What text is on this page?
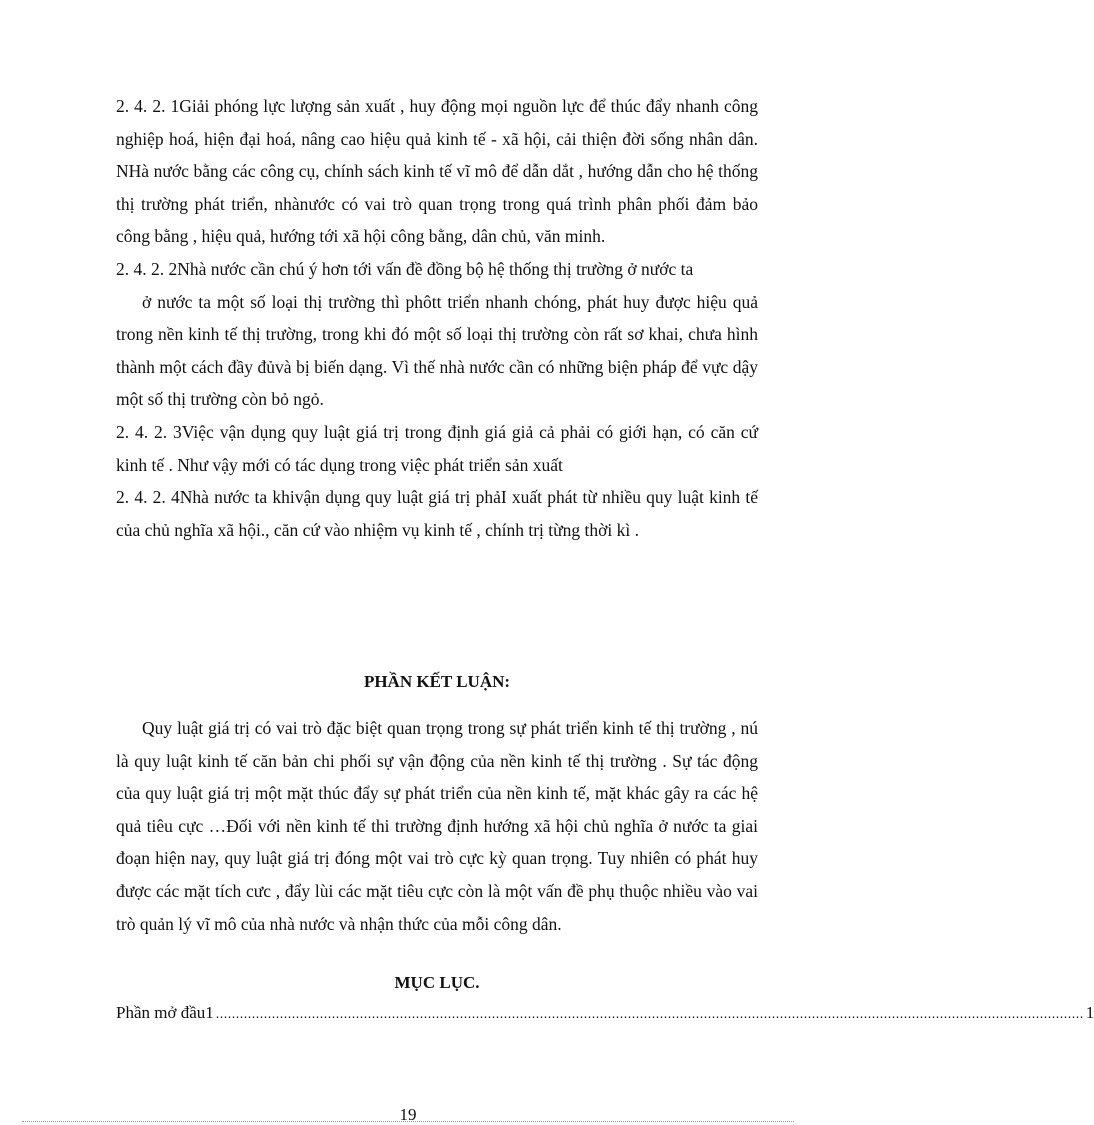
2. 4. 2. 1Giải phóng lực lượng sản xuất , huy động mọi nguồn lực để thúc đẩy nhanh công nghiệp hoá, hiện đại hoá, nâng cao hiệu quả kinh tế - xã hội, cải thiện đời sống nhân dân. NHà nước bằng các công cụ, chính sách kinh tế vĩ mô để dẫn dắt , hướng dẫn cho hệ thống thị trường phát triển, nhànước có vai trò quan trọng trong quá trình phân phối đảm bảo công bằng , hiệu quả, hướng tới xã hội công bằng, dân chủ, văn minh.

2. 4. 2. 2Nhà nước cần chú ý hơn tới vấn đề đồng bộ hệ thống thị trường ở nước ta

ở nước ta một số loại thị trường thì phôtt triển nhanh chóng, phát huy được hiệu quả trong nền kinh tế thị trường, trong khi đó một số loại thị trường còn rất sơ khai, chưa hình thành một cách đầy đủvà bị biến dạng. Vì thế nhà nước cần có những biện pháp để vực dậy một số thị trường còn bỏ ngỏ.

2. 4. 2. 3Việc vận dụng quy luật giá trị trong định giá giả cả phải có giới hạn, có căn cứ kinh tế . Như vậy mới có tác dụng trong việc phát triển sản xuất

2. 4. 2. 4Nhà nước ta khivận dụng quy luật giá trị phảI xuất phát từ nhiều quy luật kinh tế của chủ nghĩa xã hội., căn cứ vào nhiệm vụ kinh tế , chính trị từng thời kì .

PHẦN KẾT LUẬN:

Quy luật giá trị có vai trò đặc biệt quan trọng trong sự phát triển kinh tế thị trường , nú là quy luật kinh tế căn bản chi phối sự vận động của nền kinh tế thị trường . Sự tác động của quy luật giá trị một mặt thúc đẩy sự phát triển của nền kinh tế, mặt khác gây ra các hệ quả tiêu cực …Đối với nền kinh tế thi trường định hướng xã hội chủ nghĩa ở nước ta giai đoạn hiện nay, quy luật giá trị đóng một vai trò cực kỳ quan trọng. Tuy nhiên có phát huy được các mặt tích cưc , đẩy lùi các mặt tiêu cực còn là một vấn đề phụ thuộc nhiều vào vai trò quản lý vĩ mô của nhà nước và nhận thức của mỗi công dân.

MỤC LỤC.

Phần mở đầu1 ......................................................................................................................................................................................................................... 1

19
